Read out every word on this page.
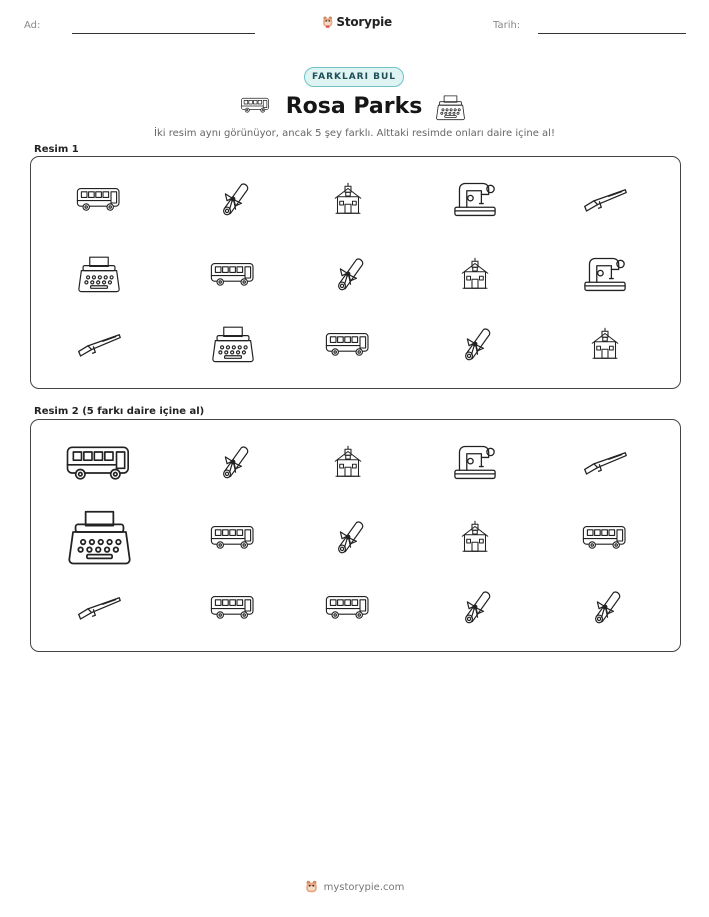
Ad:	Storypie	Tarih:
FARKLARI BUL
Rosa Parks
İki resim aynı görünüyor, ancak 5 şey farklı. Alttaki resimde onları daire içine al!
Resim 1
Resim 2 (5 farkı daire içine al)
mystorypie.com
